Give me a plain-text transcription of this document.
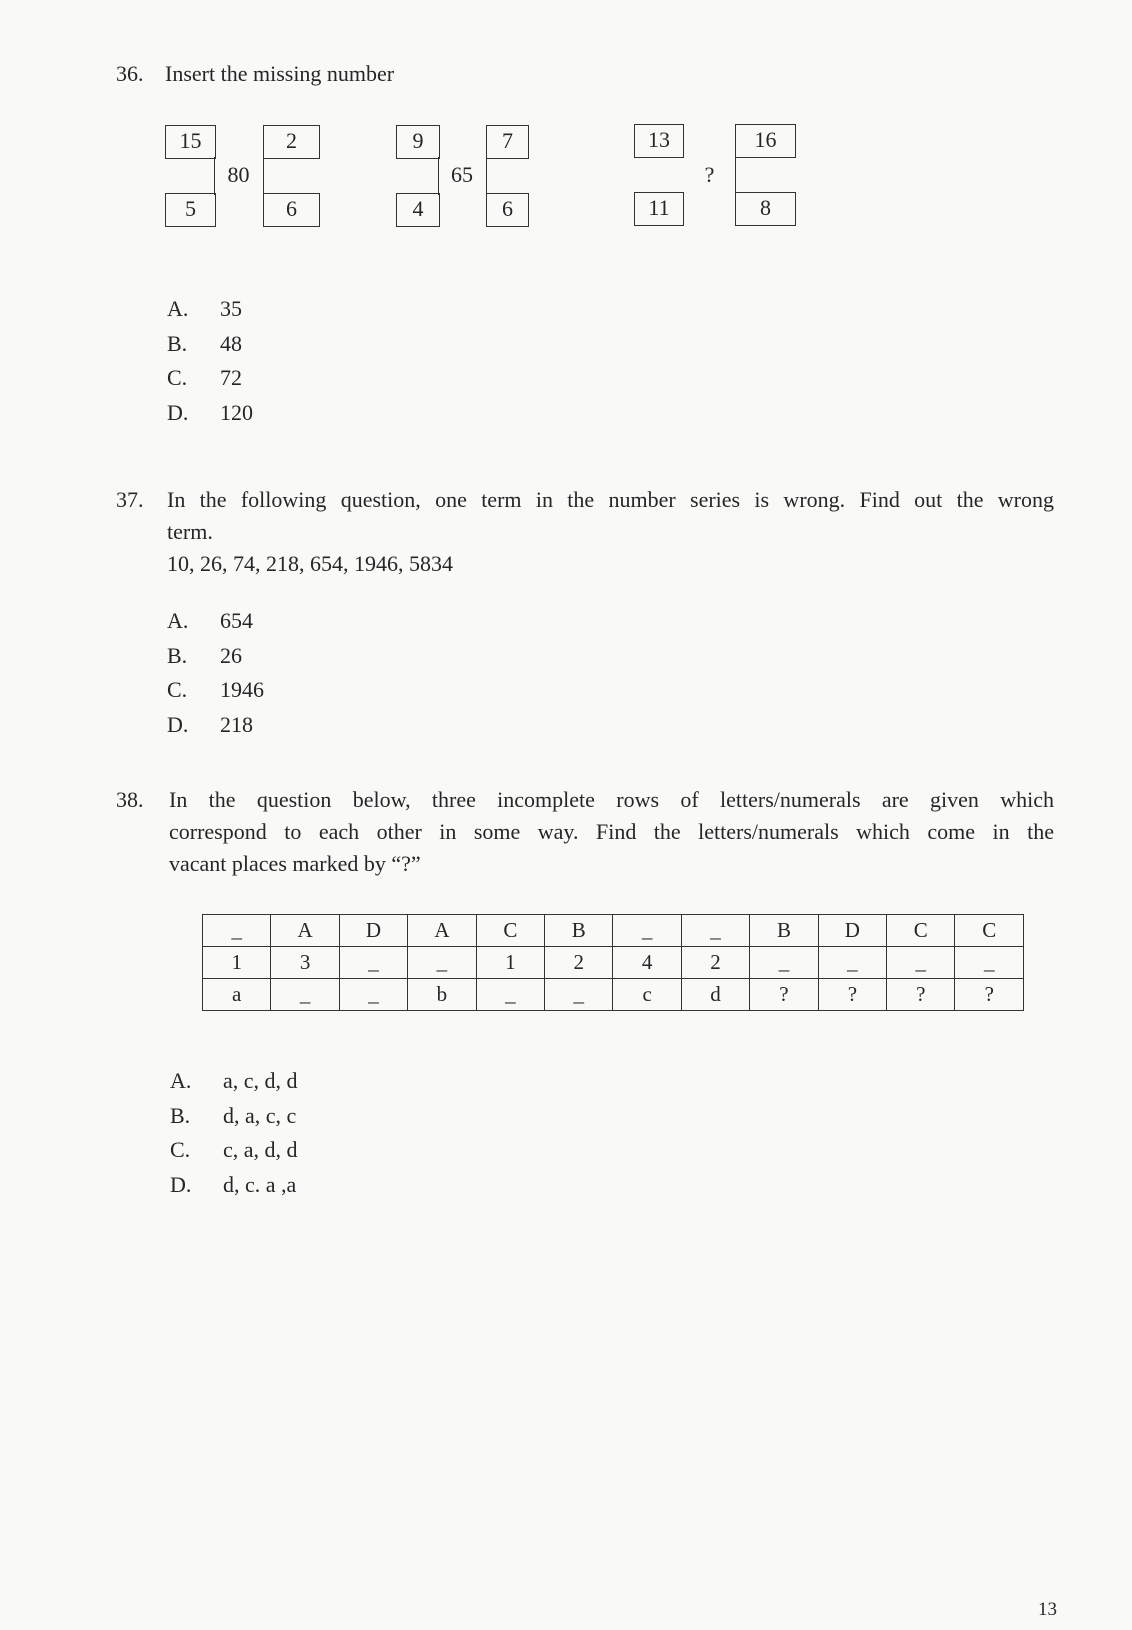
36. Insert the missing number
15	2
80
5	6
9	7
65
4	6
13	16
?
11	8
A. 35
B. 48
C. 72
D. 120
37. In the following question, one term in the number series is wrong. Find out the wrong
term.
10, 26, 74, 218, 654, 1946, 5834
A. 654
B. 26
C. 1946
D. 218
38. In the question below, three incomplete rows of letters/numerals are given which
correspond to each other in some way. Find the letters/numerals which come in the
vacant places marked by “?”
_	A	D	A	C	B	_	_	B	D	C	C
1	3	_	_	1	2	4	2	_	_	_	_
a	_	_	b	_	_	c	d	?	?	?	?
A. a, c, d, d
B. d, a, c, c
C. c, a, d, d
D. d, c. a ,a
13
